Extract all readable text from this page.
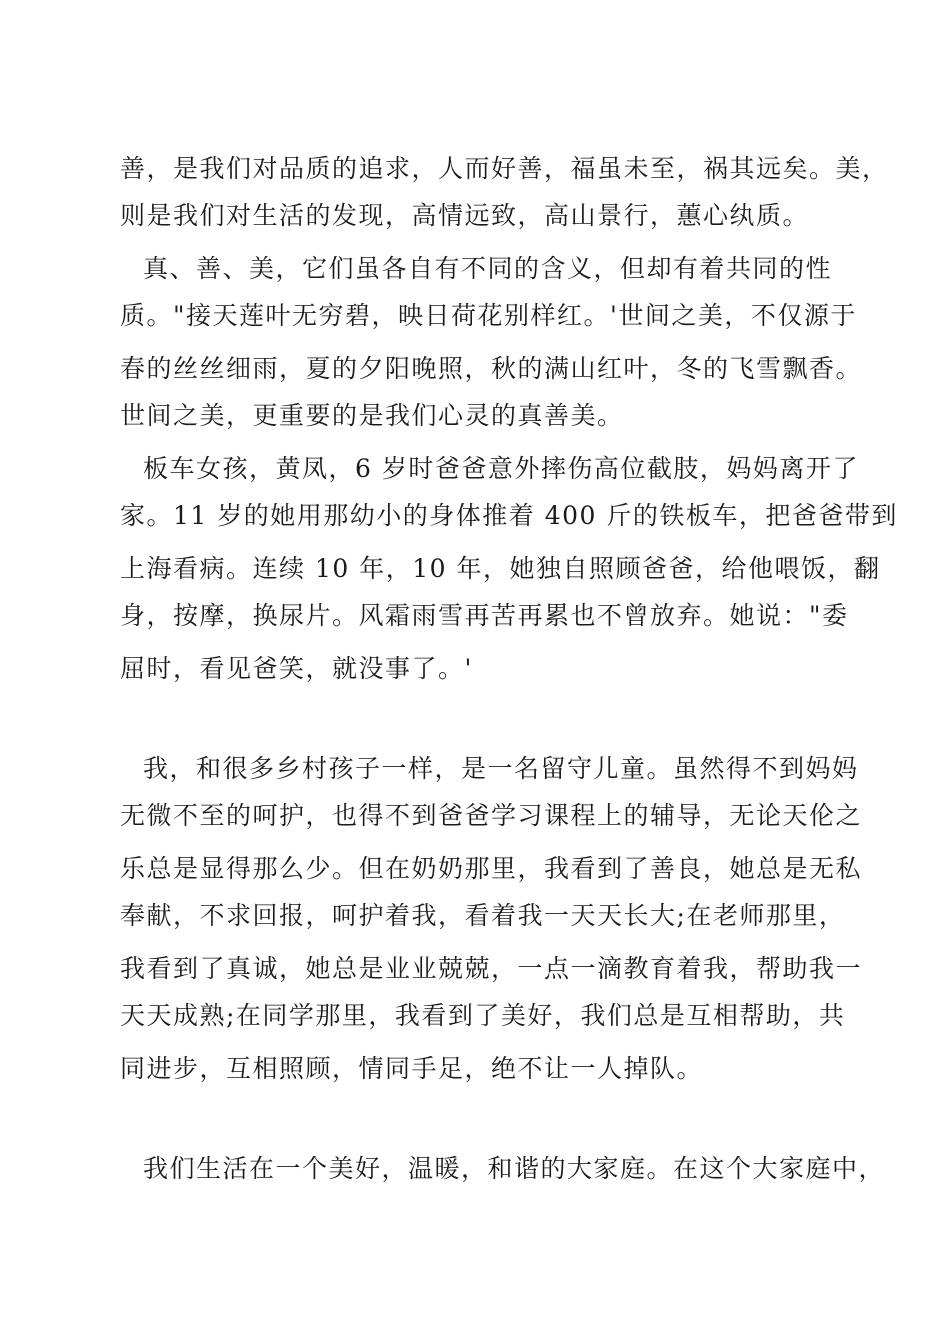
善，是我们对品质的追求，人而好善，福虽未至，祸其远矣。美，
则是我们对生活的发现，高情远致，高山景行，蕙心纨质。
真、善、美，它们虽各自有不同的含义，但却有着共同的性
质。"接天莲叶无穷碧，映日荷花别样红。'世间之美，不仅源于
春的丝丝细雨，夏的夕阳晚照，秋的满山红叶，冬的飞雪飘香。
世间之美，更重要的是我们心灵的真善美。
板车女孩，黄凤，6 岁时爸爸意外摔伤高位截肢，妈妈离开了
家。11 岁的她用那幼小的身体推着 400 斤的铁板车，把爸爸带到
上海看病。连续 10 年，10 年，她独自照顾爸爸，给他喂饭，翻
身，按摩，换尿片。风霜雨雪再苦再累也不曾放弃。她说："委
屈时，看见爸笑，就没事了。'
我，和很多乡村孩子一样，是一名留守儿童。虽然得不到妈妈
无微不至的呵护，也得不到爸爸学习课程上的辅导，无论天伦之
乐总是显得那么少。但在奶奶那里，我看到了善良，她总是无私
奉献，不求回报，呵护着我，看着我一天天长大;在老师那里，
我看到了真诚，她总是业业兢兢，一点一滴教育着我，帮助我一
天天成熟;在同学那里，我看到了美好，我们总是互相帮助，共
同进步，互相照顾，情同手足，绝不让一人掉队。
我们生活在一个美好，温暖，和谐的大家庭。在这个大家庭中，
